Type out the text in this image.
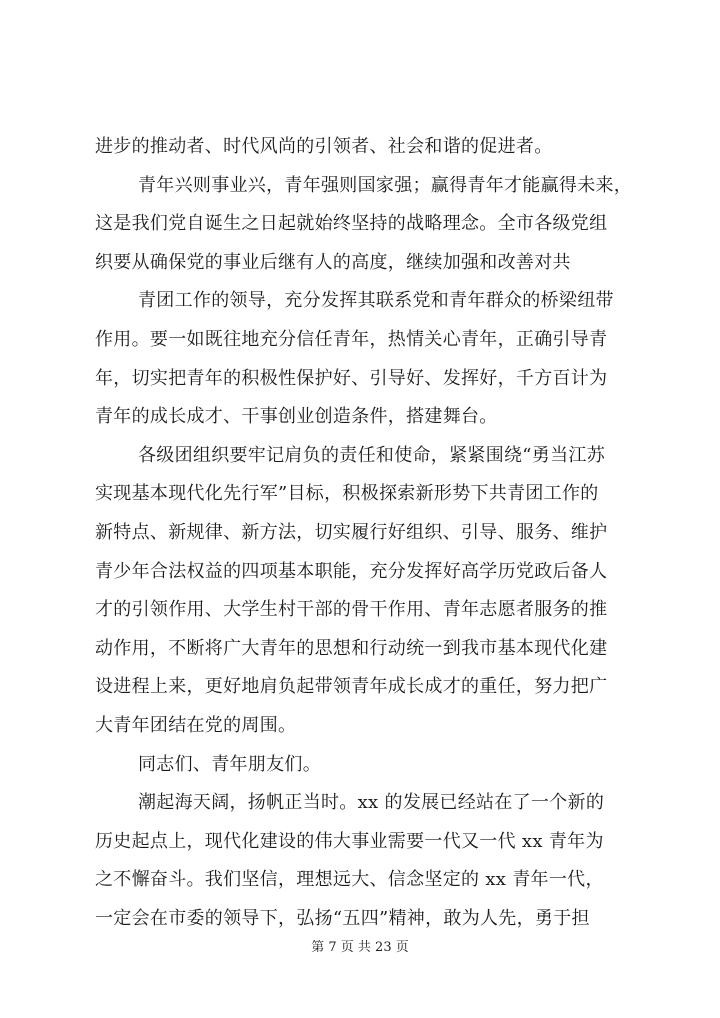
进步的推动者、时代风尚的引领者、社会和谐的促进者。
青年兴则事业兴，青年强则国家强；赢得青年才能赢得未来，
这是我们党自诞生之日起就始终坚持的战略理念。全市各级党组
织要从确保党的事业后继有人的高度，继续加强和改善对共
青团工作的领导，充分发挥其联系党和青年群众的桥梁纽带
作用。要一如既往地充分信任青年，热情关心青年，正确引导青
年，切实把青年的积极性保护好、引导好、发挥好，千方百计为
青年的成长成才、干事创业创造条件，搭建舞台。
各级团组织要牢记肩负的责任和使命，紧紧围绕“勇当江苏
实现基本现代化先行军”目标，积极探索新形势下共青团工作的
新特点、新规律、新方法，切实履行好组织、引导、服务、维护
青少年合法权益的四项基本职能，充分发挥好高学历党政后备人
才的引领作用、大学生村干部的骨干作用、青年志愿者服务的推
动作用，不断将广大青年的思想和行动统一到我市基本现代化建
设进程上来，更好地肩负起带领青年成长成才的重任，努力把广
大青年团结在党的周围。
同志们、青年朋友们。
潮起海天阔，扬帆正当时。xx 的发展已经站在了一个新的
历史起点上，现代化建设的伟大事业需要一代又一代 xx 青年为
之不懈奋斗。我们坚信，理想远大、信念坚定的 xx 青年一代，
一定会在市委的领导下，弘扬“五四”精神，敢为人先，勇于担
第 7 页 共 23 页
